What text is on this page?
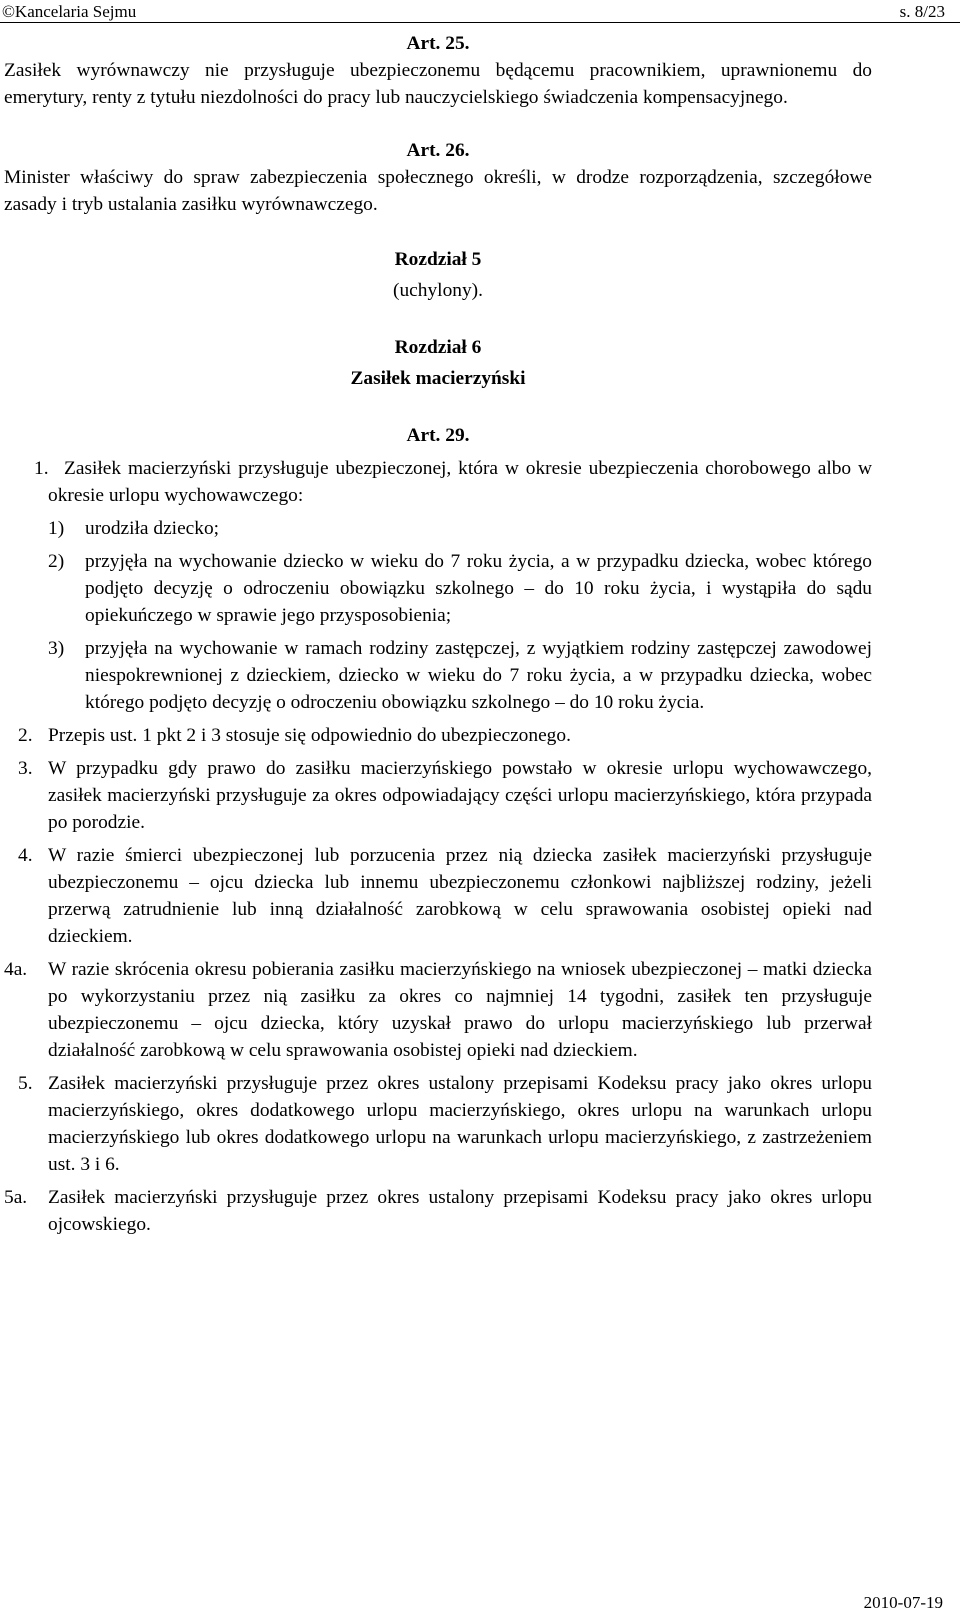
©Kancelaria Sejmu	s. 8/23
Art. 25.

Zasiłek wyrównawczy nie przysługuje ubezpieczonemu będącemu pracownikiem, uprawnionemu do emerytury, renty z tytułu niezdolności do pracy lub nauczycielskiego świadczenia kompensacyjnego.

Art. 26.

Minister właściwy do spraw zabezpieczenia społecznego określi, w drodze rozporządzenia, szczegółowe zasady i tryb ustalania zasiłku wyrównawczego.

Rozdział 5
(uchylony).
Rozdział 6
Zasiłek macierzyński
Art. 29.

1. Zasiłek macierzyński przysługuje ubezpieczonej, która w okresie ubezpieczenia chorobowego albo w okresie urlopu wychowawczego:

1) urodziła dziecko;

2) przyjęła na wychowanie dziecko w wieku do 7 roku życia, a w przypadku dziecka, wobec którego podjęto decyzję o odroczeniu obowiązku szkolnego – do 10 roku życia, i wystąpiła do sądu opiekuńczego w sprawie jego przysposobienia;

3) przyjęła na wychowanie w ramach rodziny zastępczej, z wyjątkiem rodziny zastępczej zawodowej niespokrewnionej z dzieckiem, dziecko w wieku do 7 roku życia, a w przypadku dziecka, wobec którego podjęto decyzję o odroczeniu obowiązku szkolnego – do 10 roku życia.

2. Przepis ust. 1 pkt 2 i 3 stosuje się odpowiednio do ubezpieczonego.

3. W przypadku gdy prawo do zasiłku macierzyńskiego powstało w okresie urlopu wychowawczego, zasiłek macierzyński przysługuje za okres odpowiadający części urlopu macierzyńskiego, która przypada po porodzie.

4. W razie śmierci ubezpieczonej lub porzucenia przez nią dziecka zasiłek macierzyński przysługuje ubezpieczonemu – ojcu dziecka lub innemu ubezpieczonemu członkowi najbliższej rodziny, jeżeli przerwą zatrudnienie lub inną działalność zarobkową w celu sprawowania osobistej opieki nad dzieckiem.

4a. W razie skrócenia okresu pobierania zasiłku macierzyńskiego na wniosek ubezpieczonej – matki dziecka po wykorzystaniu przez nią zasiłku za okres co najmniej 14 tygodni, zasiłek ten przysługuje ubezpieczonemu – ojcu dziecka, który uzyskał prawo do urlopu macierzyńskiego lub przerwał działalność zarobkową w celu sprawowania osobistej opieki nad dzieckiem.

5. Zasiłek macierzyński przysługuje przez okres ustalony przepisami Kodeksu pracy jako okres urlopu macierzyńskiego, okres dodatkowego urlopu macierzyńskiego, okres urlopu na warunkach urlopu macierzyńskiego lub okres dodatkowego urlopu na warunkach urlopu macierzyńskiego, z zastrzeżeniem ust. 3 i 6.

5a. Zasiłek macierzyński przysługuje przez okres ustalony przepisami Kodeksu pracy jako okres urlopu ojcowskiego.

2010-07-19
